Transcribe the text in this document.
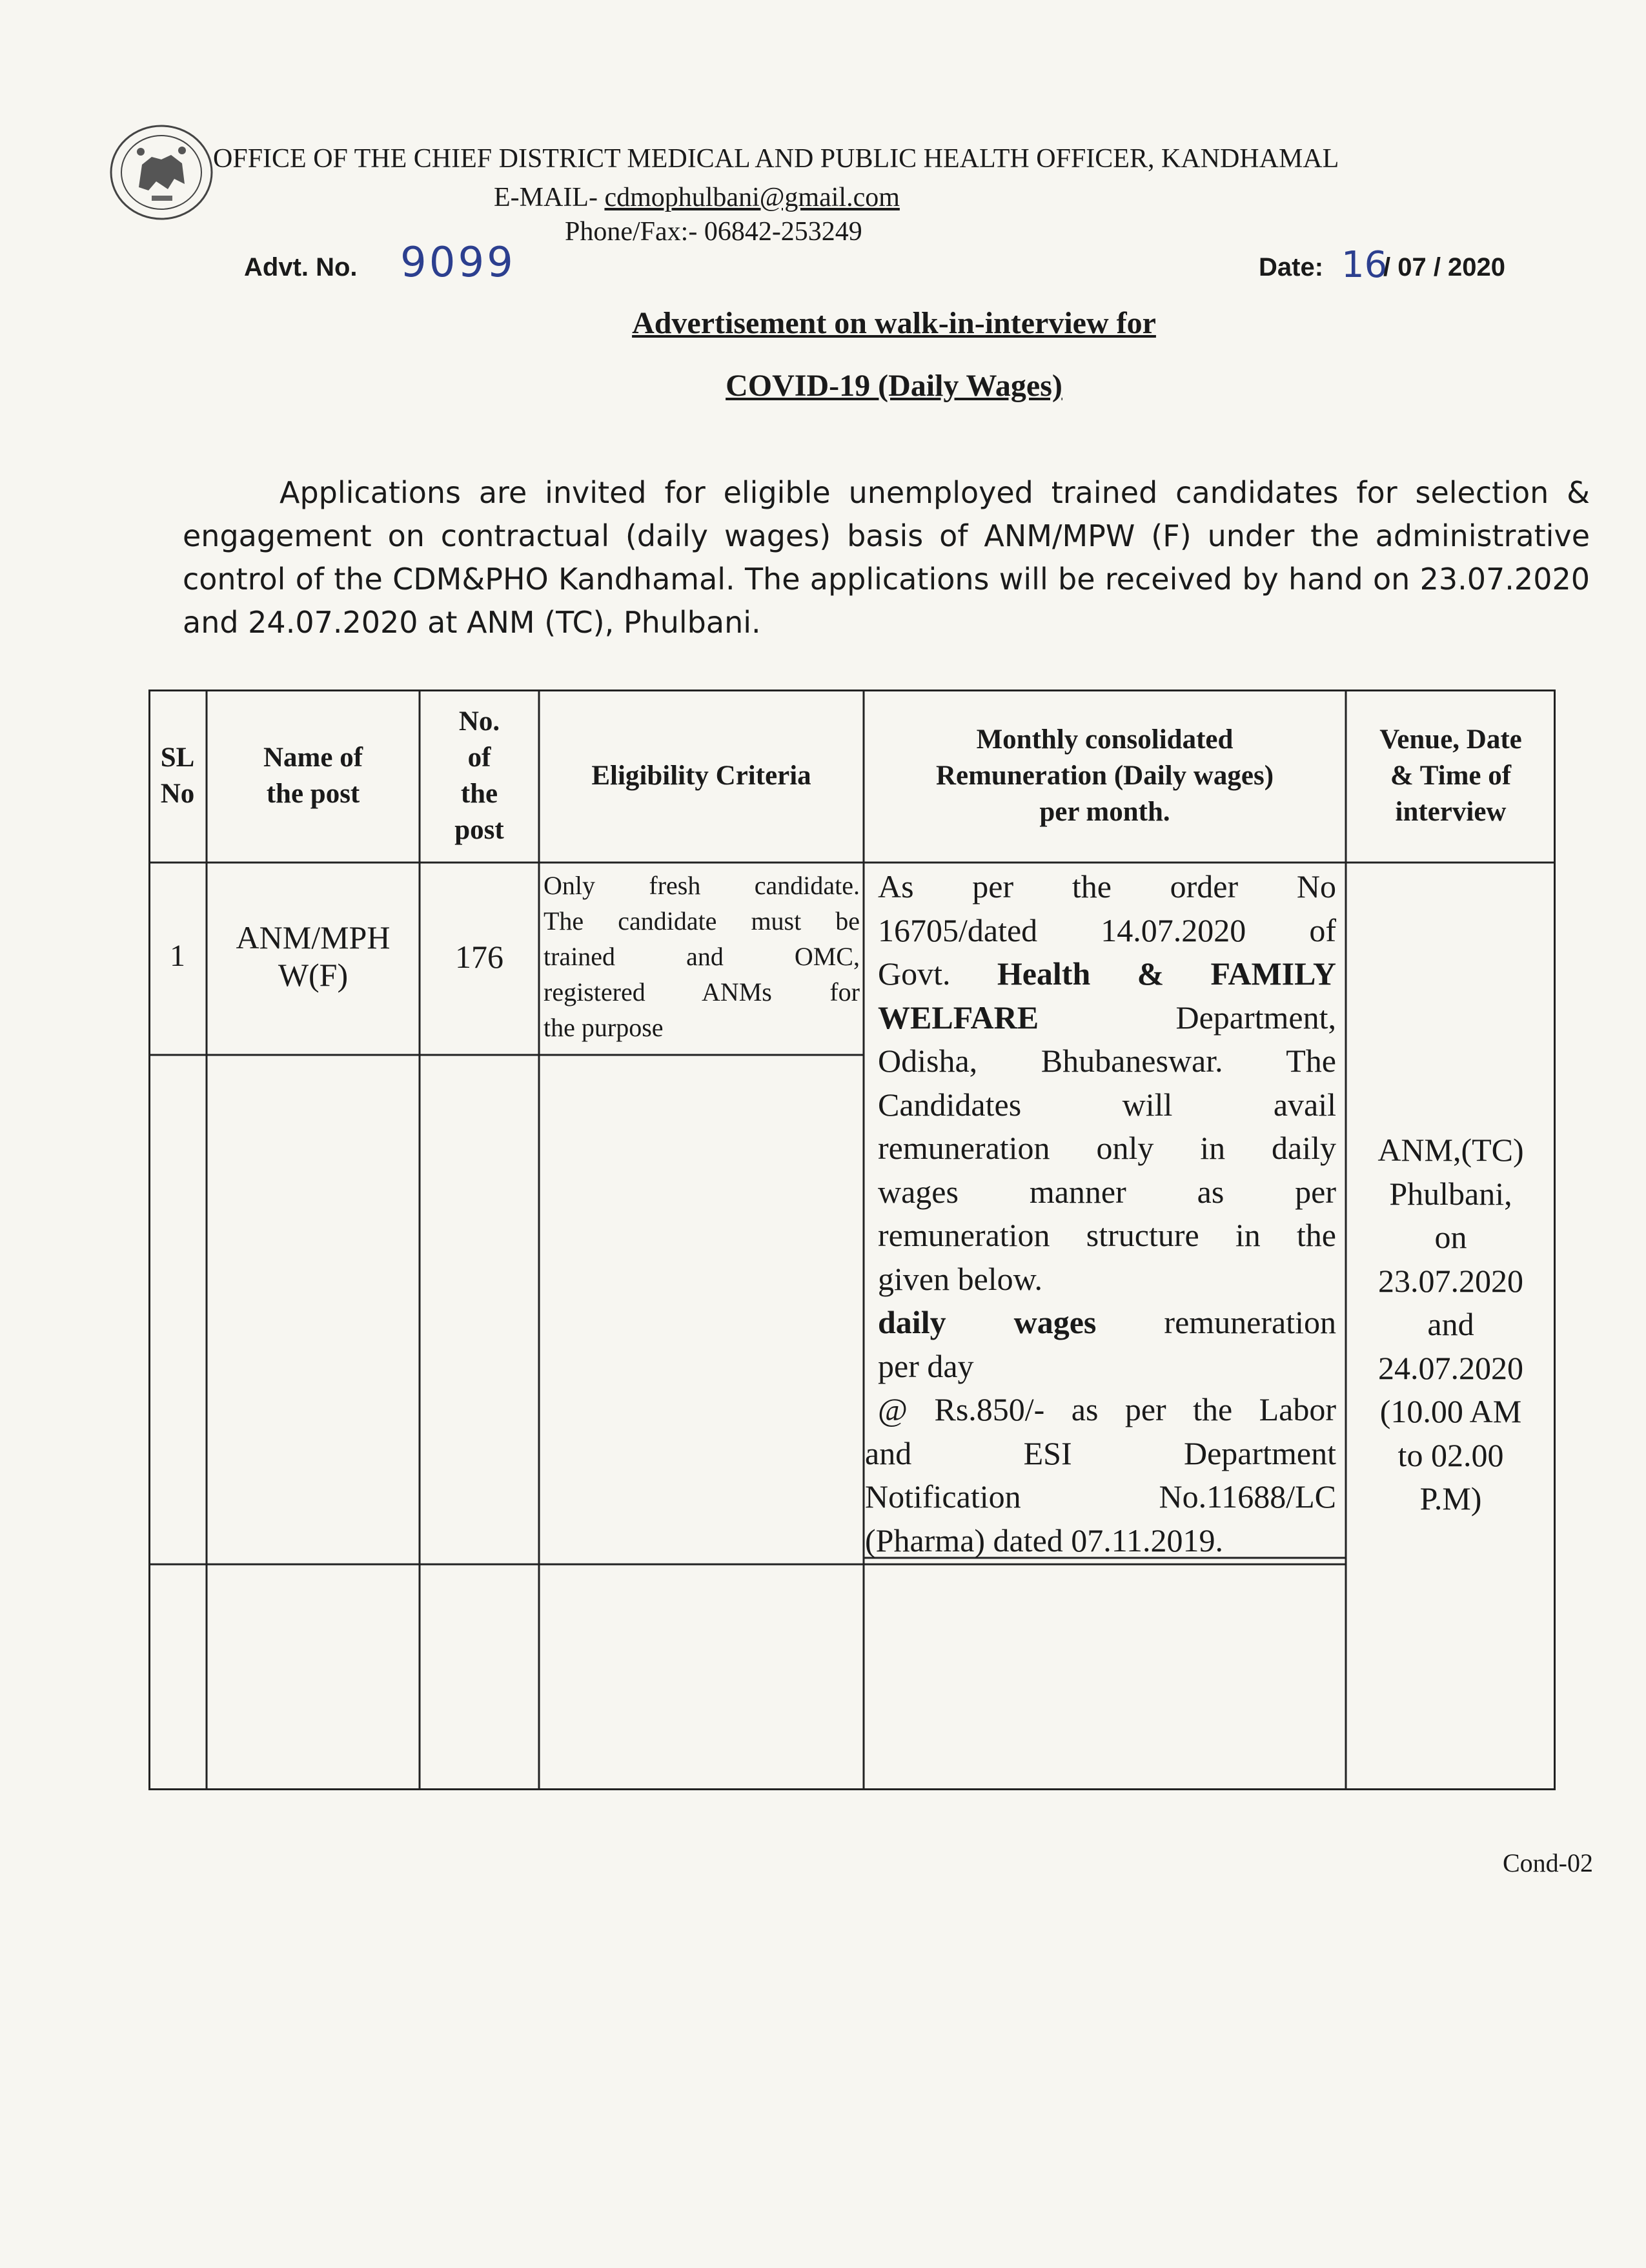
OFFICE OF THE CHIEF DISTRICT MEDICAL AND PUBLIC HEALTH OFFICER, KANDHAMAL
E-MAIL- cdmophulbani@gmail.com
Phone/Fax:- 06842-253249
Advt. No. 9099	Date: 16
/ 07 / 2020
Advertisement on walk-in-interview for
COVID-19 (Daily Wages)
Applications are invited for eligible unemployed trained candidates for selection & engagement on contractual (daily wages) basis of ANM/MPW (F) under the administrative control of the CDM&PHO Kandhamal. The applications will be received by hand on 23.07.2020 and 24.07.2020 at ANM (TC), Phulbani.
SL
No
Name of
the post
No.
of
the
post
Eligibility Criteria
Monthly consolidated
Remuneration (Daily wages)
per month.
Venue, Date
& Time of
interview
1
ANM/MPH
W(F)	176
Only fresh candidate.
The candidate must be
trained and OMC,
registered ANMs for
the purpose
As per the order No
16705/dated 14.07.2020 of
Govt. Health & FAMILY
WELFARE Department,
Odisha, Bhubaneswar. The
Candidates will avail
remuneration only in daily
wages manner as per
remuneration structure in the
given below.
daily wages remuneration
per day
@ Rs.850/- as per the Labor
and ESI Department
Notification No.11688/LC
(Pharma) dated 07.11.2019.
ANM,(TC)
Phulbani,
on
23.07.2020
and
24.07.2020
(10.00 AM
to 02.00
P.M)
Cond-02
